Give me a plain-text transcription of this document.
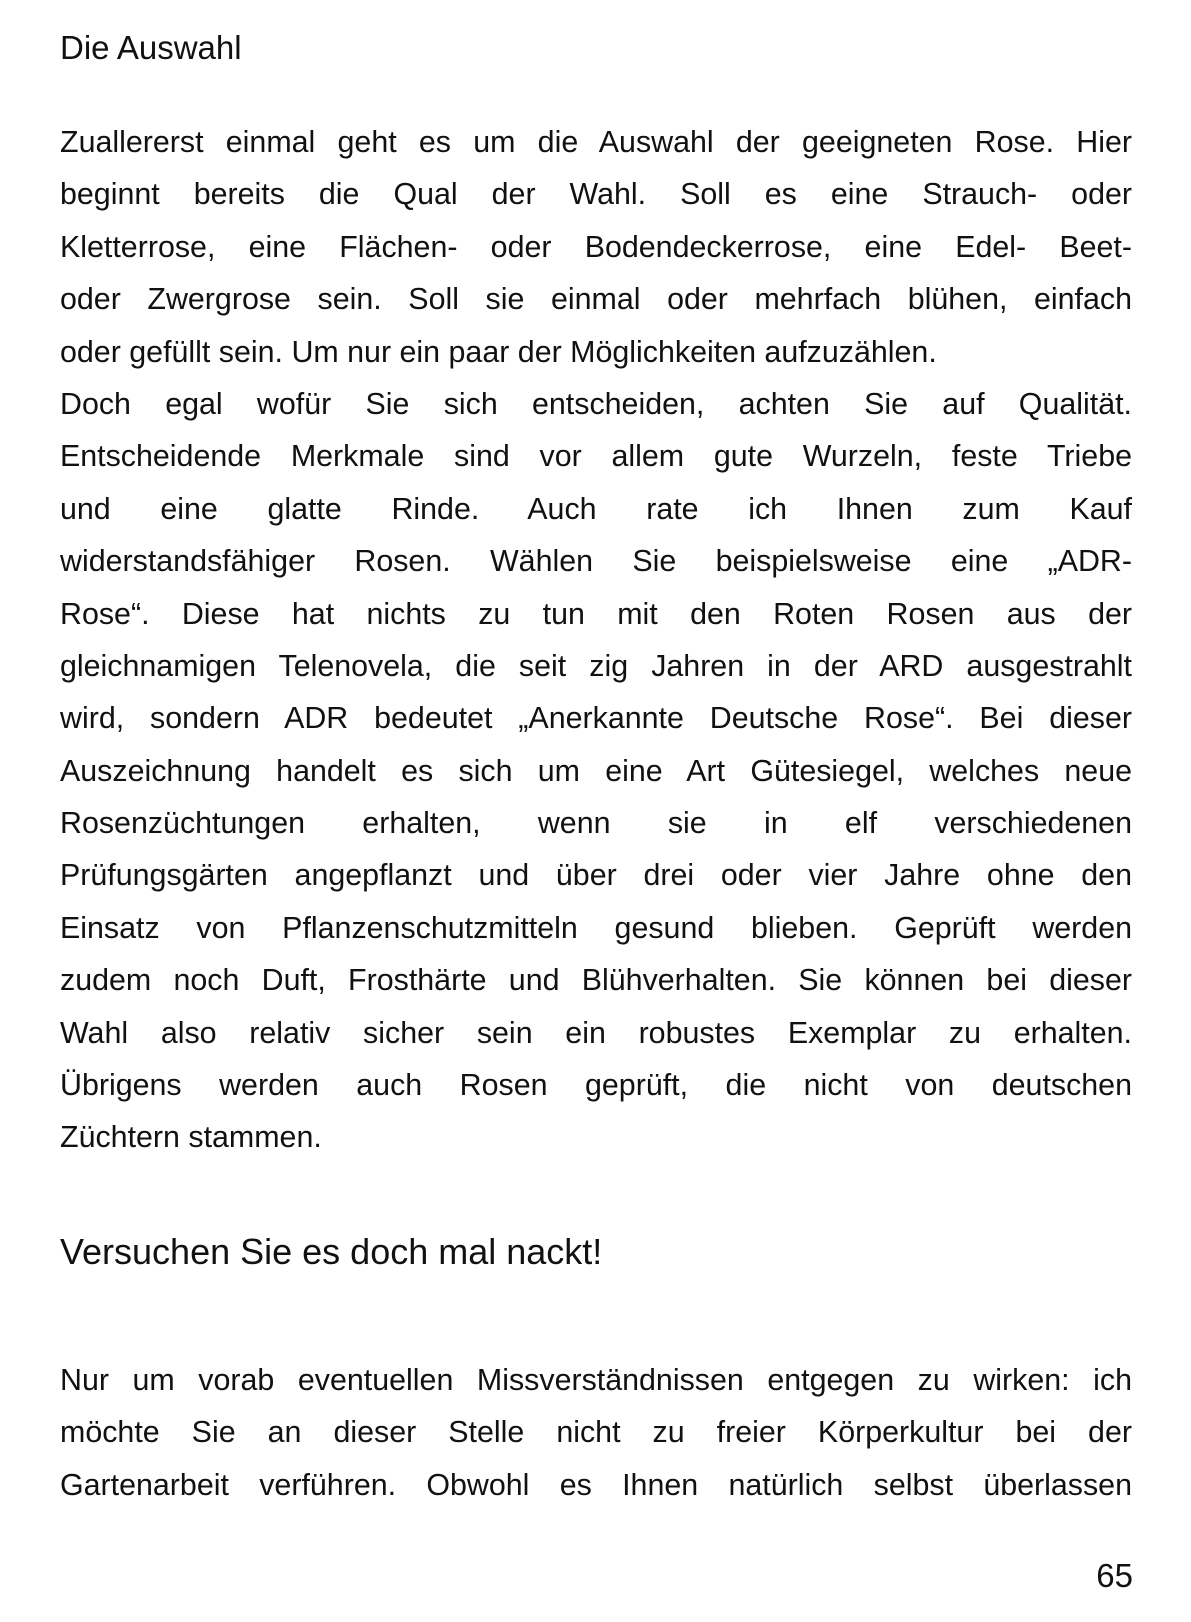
Die Auswahl
Zuallererst einmal geht es um die Auswahl der geeigneten Rose. Hier
beginnt bereits die Qual der Wahl. Soll es eine Strauch- oder
Kletterrose, eine Flächen- oder Bodendeckerrose, eine Edel- Beet-
oder Zwergrose sein. Soll sie einmal oder mehrfach blühen, einfach
oder gefüllt sein. Um nur ein paar der Möglichkeiten aufzuzählen.
Doch egal wofür Sie sich entscheiden, achten Sie auf Qualität.
Entscheidende Merkmale sind vor allem gute Wurzeln, feste Triebe
und eine glatte Rinde. Auch rate ich Ihnen zum Kauf
widerstandsfähiger Rosen. Wählen Sie beispielsweise eine „ADR-
Rose“. Diese hat nichts zu tun mit den Roten Rosen aus der
gleichnamigen Telenovela, die seit zig Jahren in der ARD ausgestrahlt
wird, sondern ADR bedeutet „Anerkannte Deutsche Rose“. Bei dieser
Auszeichnung handelt es sich um eine Art Gütesiegel, welches neue
Rosenzüchtungen erhalten, wenn sie in elf verschiedenen
Prüfungsgärten angepflanzt und über drei oder vier Jahre ohne den
Einsatz von Pflanzenschutzmitteln gesund blieben. Geprüft werden
zudem noch Duft, Frosthärte und Blühverhalten. Sie können bei dieser
Wahl also relativ sicher sein ein robustes Exemplar zu erhalten.
Übrigens werden auch Rosen geprüft, die nicht von deutschen
Züchtern stammen.
Versuchen Sie es doch mal nackt!
Nur um vorab eventuellen Missverständnissen entgegen zu wirken: ich
möchte Sie an dieser Stelle nicht zu freier Körperkultur bei der
Gartenarbeit verführen. Obwohl es Ihnen natürlich selbst überlassen
65
